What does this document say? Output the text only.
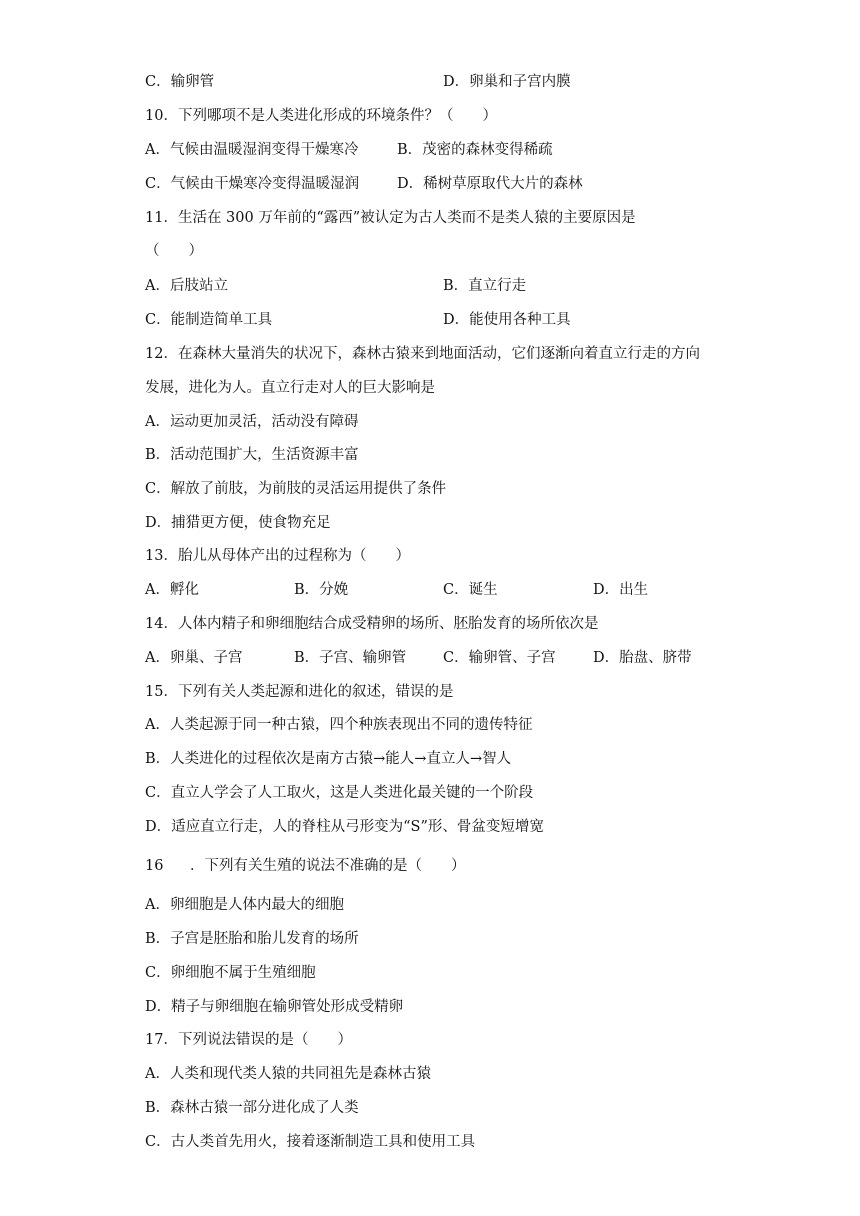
C．输卵管	D．卵巢和子宫内膜
10．下列哪项不是人类进化形成的环境条件？（　　）
A．气候由温暖湿润变得干燥寒冷	B．茂密的森林变得稀疏
C．气候由干燥寒冷变得温暖湿润	D．稀树草原取代大片的森林
11．生活在 300 万年前的“露西”被认定为古人类而不是类人猿的主要原因是
（　　）
A．后肢站立	B．直立行走
C．能制造简单工具	D．能使用各种工具
12．在森林大量消失的状况下，森林古猿来到地面活动，它们逐渐向着直立行走的方向
发展，进化为人。直立行走对人的巨大影响是
A．运动更加灵活，活动没有障碍
B．活动范围扩大，生活资源丰富
C．解放了前肢，为前肢的灵活运用提供了条件
D．捕猎更方便，使食物充足
13．胎儿从母体产出的过程称为（　　）
A．孵化	B．分娩	C．诞生	D．出生
14．人体内精子和卵细胞结合成受精卵的场所、胚胎发育的场所依次是
A．卵巢、子宫	B．子宫、输卵管	C．输卵管、子宫	D．胎盘、脐带
15．下列有关人类起源和进化的叙述，错误的是
A．人类起源于同一种古猿，四个种族表现出不同的遗传特征
B．人类进化的过程依次是南方古猿→能人→直立人→智人
C．直立人学会了人工取火，这是人类进化最关键的一个阶段
D．适应直立行走，人的脊柱从弓形变为“S”形、骨盆变短增宽
16 ．下列有关生殖的说法不准确的是（　　）
A．卵细胞是人体内最大的细胞
B．子宫是胚胎和胎儿发育的场所
C．卵细胞不属于生殖细胞
D．精子与卵细胞在输卵管处形成受精卵
17．下列说法错误的是（　　）
A．人类和现代类人猿的共同祖先是森林古猿
B．森林古猿一部分进化成了人类
C．古人类首先用火，接着逐渐制造工具和使用工具
